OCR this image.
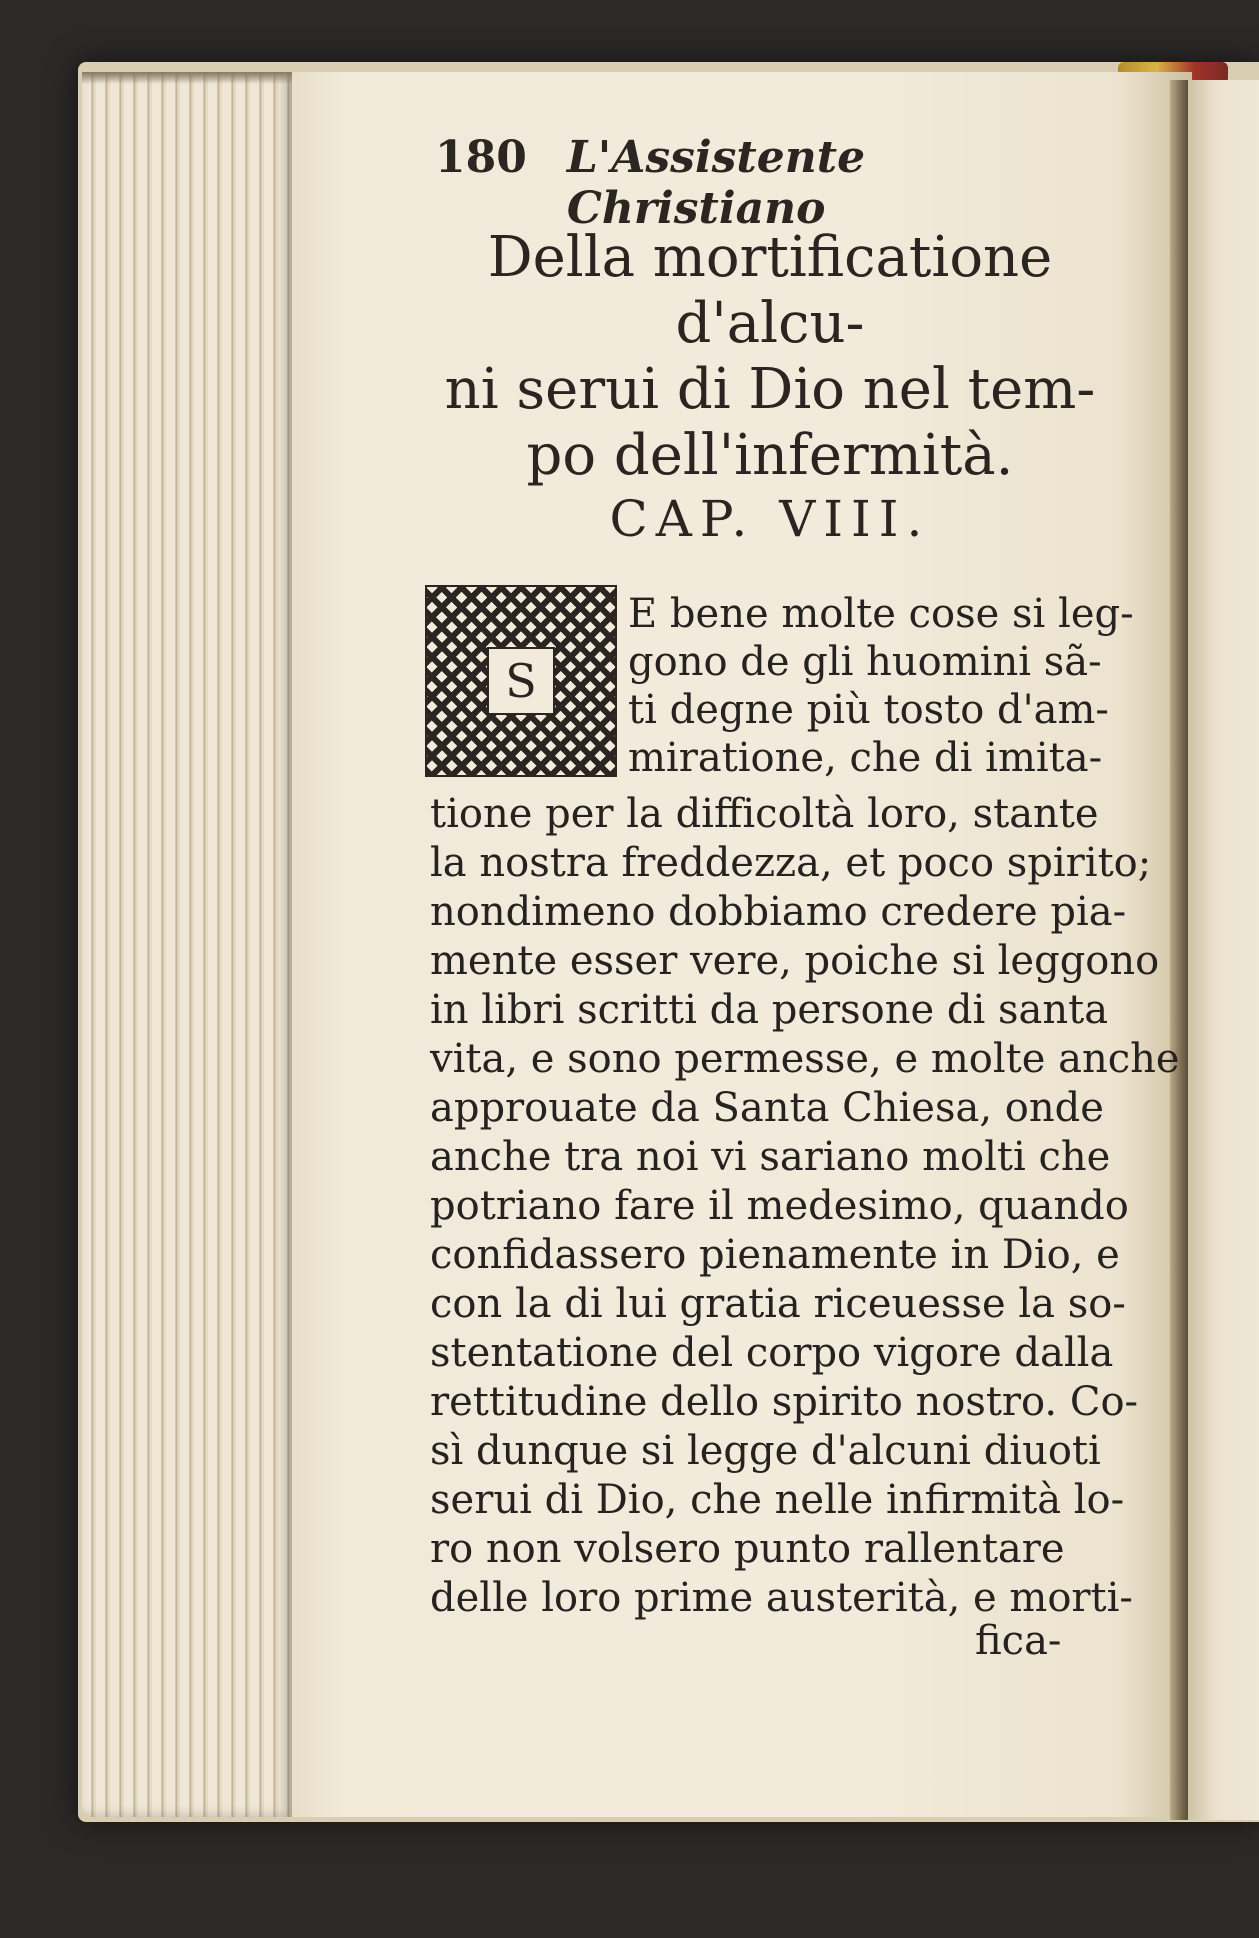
180 L'Assistente Christiano
Della mortificatione d'alcu-
ni serui di Dio nel tem-
po dell'infermità.
CAP. VIII.
S
E bene molte cose si leg-
gono de gli huomini sã-
ti degne più tosto d'am-
miratione, che di imita-
tione per la difficoltà loro, stante
la nostra freddezza, et poco spirito;
nondimeno dobbiamo credere pia-
mente esser vere, poiche si leggono
in libri scritti da persone di santa
vita, e sono permesse, e molte anche
approuate da Santa Chiesa, onde
anche tra noi vi sariano molti che
potriano fare il medesimo, quando
confidassero pienamente in Dio, e
con la di lui gratia riceuesse la so-
stentatione del corpo vigore dalla
rettitudine dello spirito nostro. Co-
sì dunque si legge d'alcuni diuoti
serui di Dio, che nelle infirmità lo-
ro non volsero punto rallentare
delle loro prime austerità, e morti-
fica-
